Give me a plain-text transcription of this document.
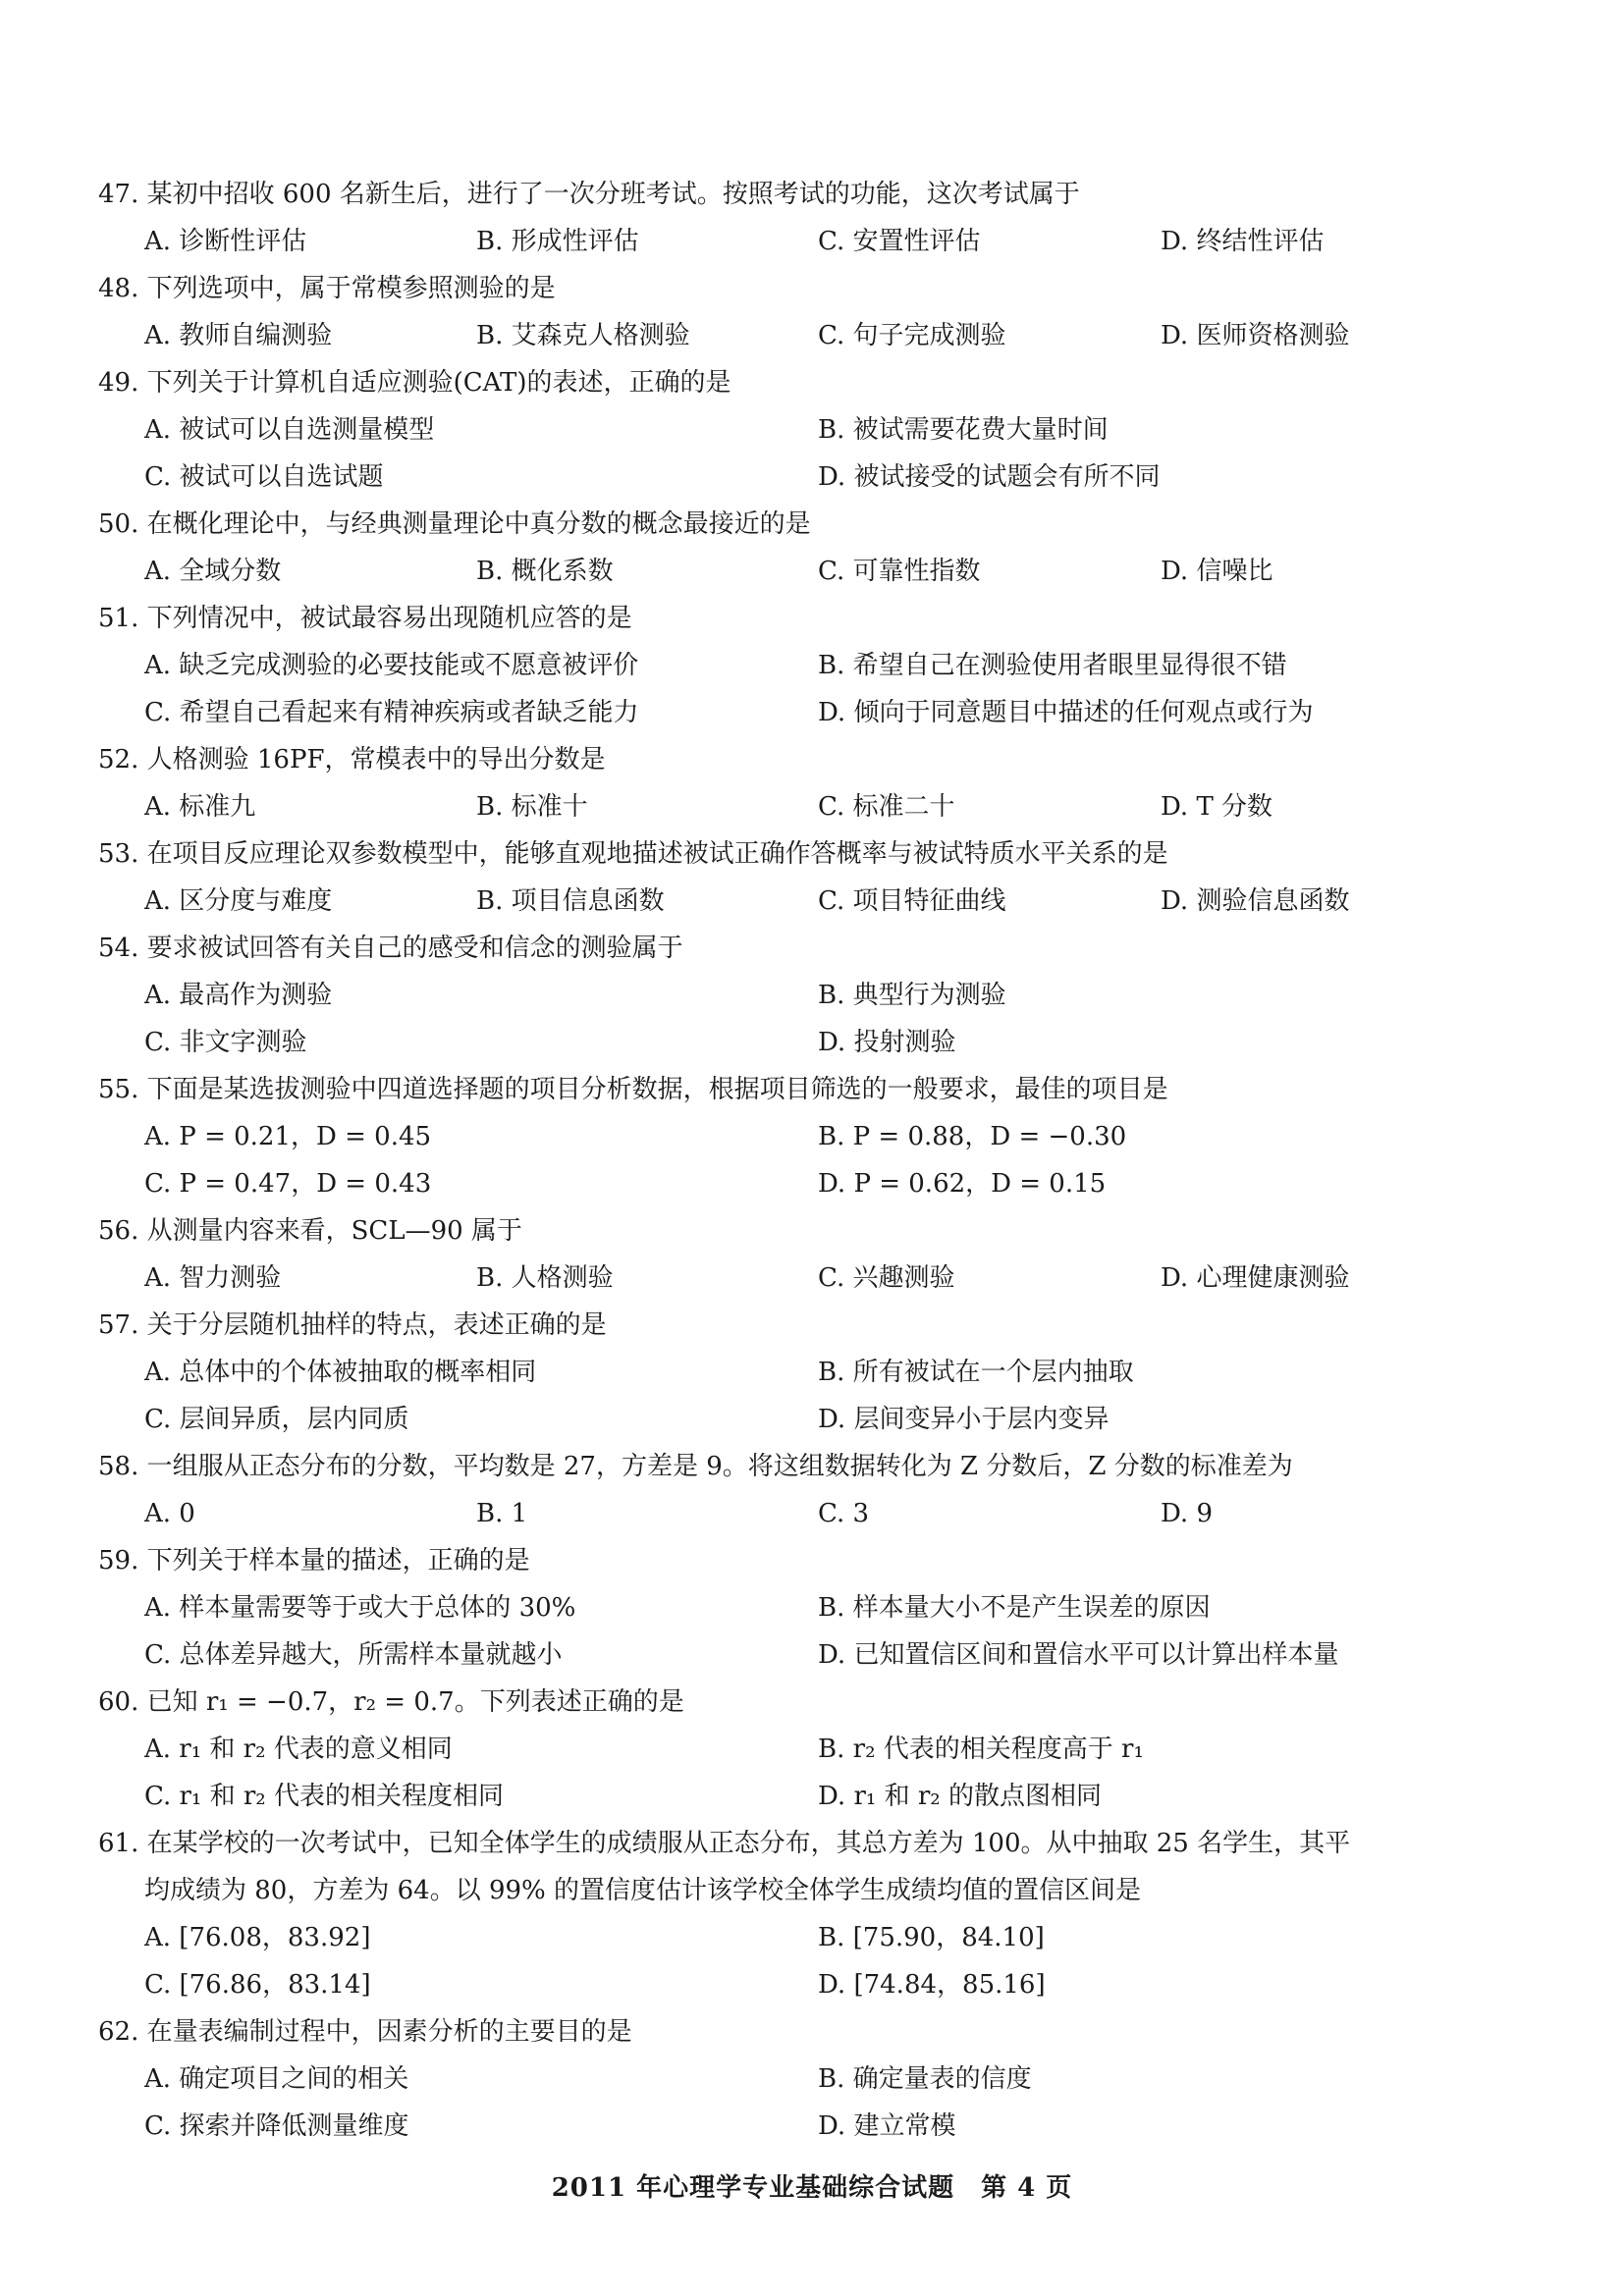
47. 某初中招收 600 名新生后，进行了一次分班考试。按照考试的功能，这次考试属于
A. 诊断性评估	B. 形成性评估	C. 安置性评估	D. 终结性评估
48. 下列选项中，属于常模参照测验的是
A. 教师自编测验	B. 艾森克人格测验	C. 句子完成测验	D. 医师资格测验
49. 下列关于计算机自适应测验(CAT)的表述，正确的是
A. 被试可以自选测量模型	B. 被试需要花费大量时间
C. 被试可以自选试题	D. 被试接受的试题会有所不同
50. 在概化理论中，与经典测量理论中真分数的概念最接近的是
A. 全域分数	B. 概化系数	C. 可靠性指数	D. 信噪比
51. 下列情况中，被试最容易出现随机应答的是
A. 缺乏完成测验的必要技能或不愿意被评价	B. 希望自己在测验使用者眼里显得很不错
C. 希望自己看起来有精神疾病或者缺乏能力	D. 倾向于同意题目中描述的任何观点或行为
52. 人格测验 16PF，常模表中的导出分数是
A. 标准九	B. 标准十	C. 标准二十	D. T 分数
53. 在项目反应理论双参数模型中，能够直观地描述被试正确作答概率与被试特质水平关系的是
A. 区分度与难度	B. 项目信息函数	C. 项目特征曲线	D. 测验信息函数
54. 要求被试回答有关自己的感受和信念的测验属于
A. 最高作为测验	B. 典型行为测验
C. 非文字测验	D. 投射测验
55. 下面是某选拔测验中四道选择题的项目分析数据，根据项目筛选的一般要求，最佳的项目是
A. P = 0.21，D = 0.45	B. P = 0.88，D = −0.30
C. P = 0.47，D = 0.43	D. P = 0.62，D = 0.15
56. 从测量内容来看，SCL—90 属于
A. 智力测验	B. 人格测验	C. 兴趣测验	D. 心理健康测验
57. 关于分层随机抽样的特点，表述正确的是
A. 总体中的个体被抽取的概率相同	B. 所有被试在一个层内抽取
C. 层间异质，层内同质	D. 层间变异小于层内变异
58. 一组服从正态分布的分数，平均数是 27，方差是 9。将这组数据转化为 Z 分数后，Z 分数的标准差为
A. 0	B. 1	C. 3	D. 9
59. 下列关于样本量的描述，正确的是
A. 样本量需要等于或大于总体的 30%	B. 样本量大小不是产生误差的原因
C. 总体差异越大，所需样本量就越小	D. 已知置信区间和置信水平可以计算出样本量
60. 已知 r₁ = −0.7，r₂ = 0.7。下列表述正确的是
A. r₁ 和 r₂ 代表的意义相同	B. r₂ 代表的相关程度高于 r₁
C. r₁ 和 r₂ 代表的相关程度相同	D. r₁ 和 r₂ 的散点图相同
61. 在某学校的一次考试中，已知全体学生的成绩服从正态分布，其总方差为 100。从中抽取 25 名学生，其平
均成绩为 80，方差为 64。以 99% 的置信度估计该学校全体学生成绩均值的置信区间是
A. [76.08，83.92]	B. [75.90，84.10]
C. [76.86，83.14]	D. [74.84，85.16]
62. 在量表编制过程中，因素分析的主要目的是
A. 确定项目之间的相关	B. 确定量表的信度
C. 探索并降低测量维度	D. 建立常模
2011 年心理学专业基础综合试题　第 4 页
